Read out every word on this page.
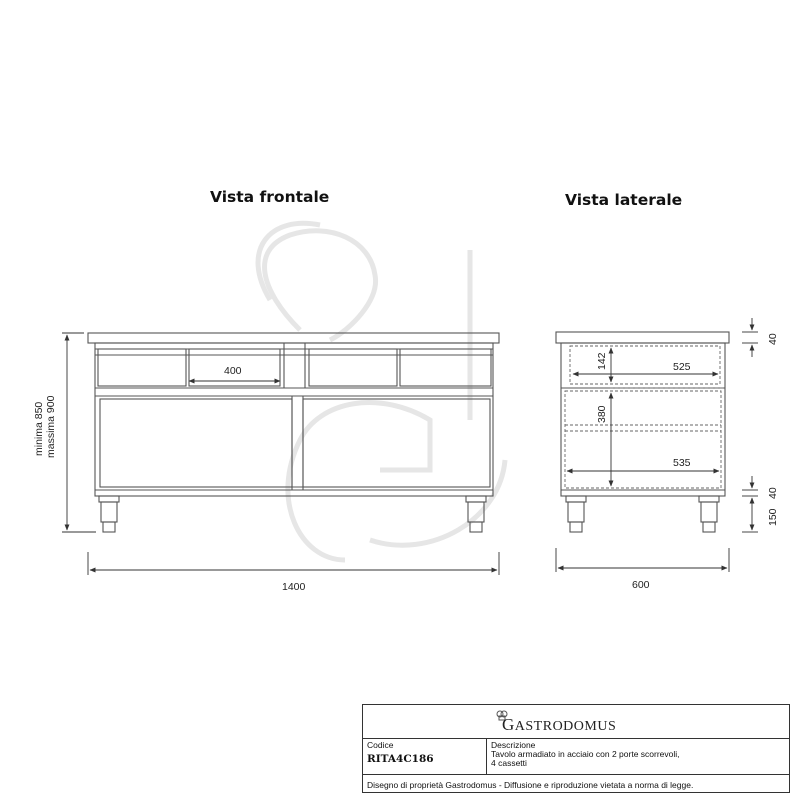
400
1400
minima 850 massima 900
142	525
380
535
600
40
40
150
Vista frontale	Vista laterale
GASTRODOMUS
Codice
RITA4C186
Descrizione
Tavolo armadiato in acciaio con 2 porte scorrevoli,
4 cassetti
Disegno di proprietà Gastrodomus - Diffusione e riproduzione vietata a norma di legge.
